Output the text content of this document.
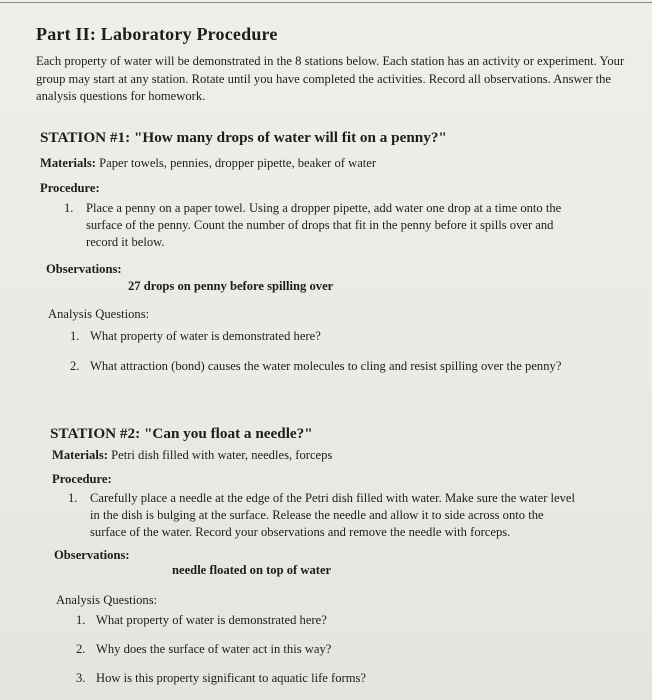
Part II: Laboratory Procedure
Each property of water will be demonstrated in the 8 stations below. Each station has an activity or experiment. Your group may start at any station. Rotate until you have completed the activities. Record all observations. Answer the analysis questions for homework.
STATION #1: "How many drops of water will fit on a penny?"
Materials: Paper towels, pennies, dropper pipette, beaker of water
Procedure:
1. Place a penny on a paper towel. Using a dropper pipette, add water one drop at a time onto the
surface of the penny. Count the number of drops that fit in the penny before it spills over and
record it below.
Observations:
27 drops on penny before spilling over
Analysis Questions:
1. What property of water is demonstrated here?
2. What attraction (bond) causes the water molecules to cling and resist spilling over the penny?
STATION #2: "Can you float a needle?"
Materials: Petri dish filled with water, needles, forceps
Procedure:
1. Carefully place a needle at the edge of the Petri dish filled with water. Make sure the water level
in the dish is bulging at the surface. Release the needle and allow it to side across onto the
surface of the water. Record your observations and remove the needle with forceps.
Observations:
needle floated on top of water
Analysis Questions:
1. What property of water is demonstrated here?
2. Why does the surface of water act in this way?
3. How is this property significant to aquatic life forms?
